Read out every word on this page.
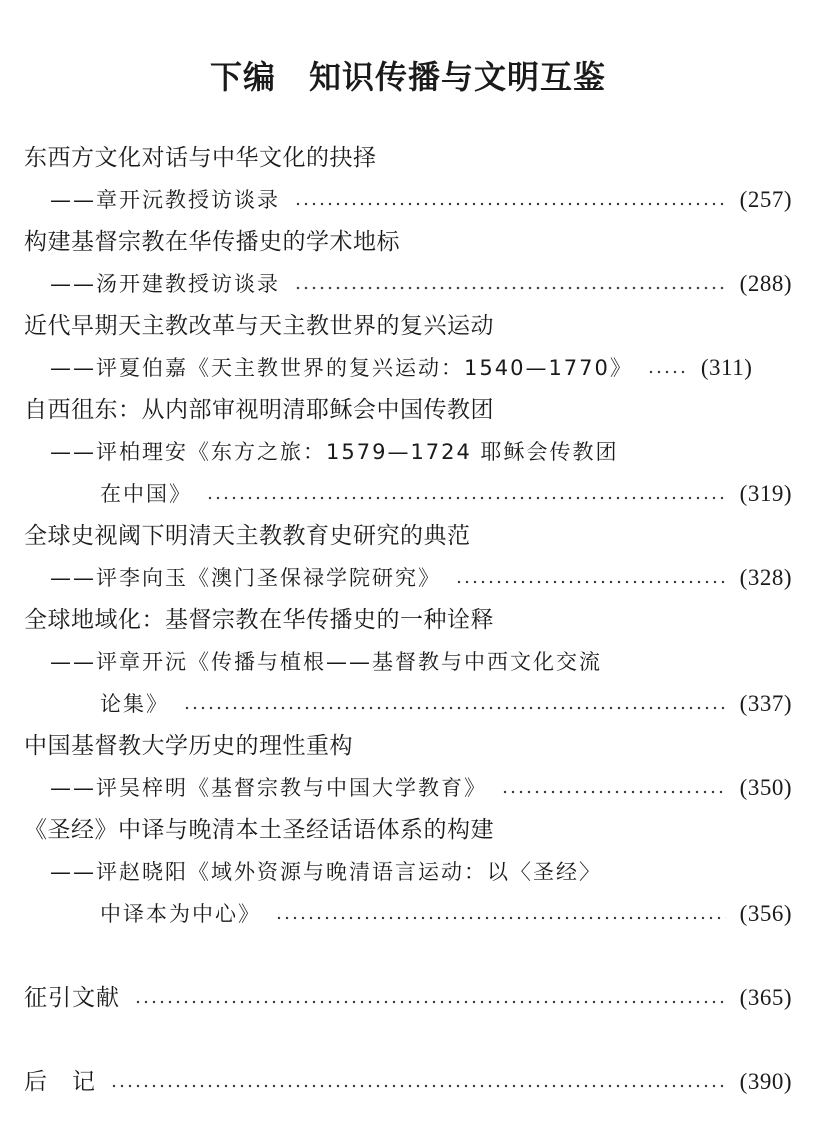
下编　知识传播与文明互鉴
东西方文化对话与中华文化的抉择
——章开沅教授访谈录	(257)
构建基督宗教在华传播史的学术地标
——汤开建教授访谈录	(288)
近代早期天主教改革与天主教世界的复兴运动
——评夏伯嘉《天主教世界的复兴运动：1540—1770》	(311)
自西徂东：从内部审视明清耶稣会中国传教团
——评柏理安《东方之旅：1579—1724 耶稣会传教团
在中国》	(319)
全球史视阈下明清天主教教育史研究的典范
——评李向玉《澳门圣保禄学院研究》	(328)
全球地域化：基督宗教在华传播史的一种诠释
——评章开沅《传播与植根——基督教与中西文化交流
论集》	(337)
中国基督教大学历史的理性重构
——评吴梓明《基督宗教与中国大学教育》	(350)
《圣经》中译与晚清本土圣经话语体系的构建
——评赵晓阳《域外资源与晚清语言运动：以〈圣经〉
中译本为中心》	(356)
征引文献	(365)
后　记	(390)
